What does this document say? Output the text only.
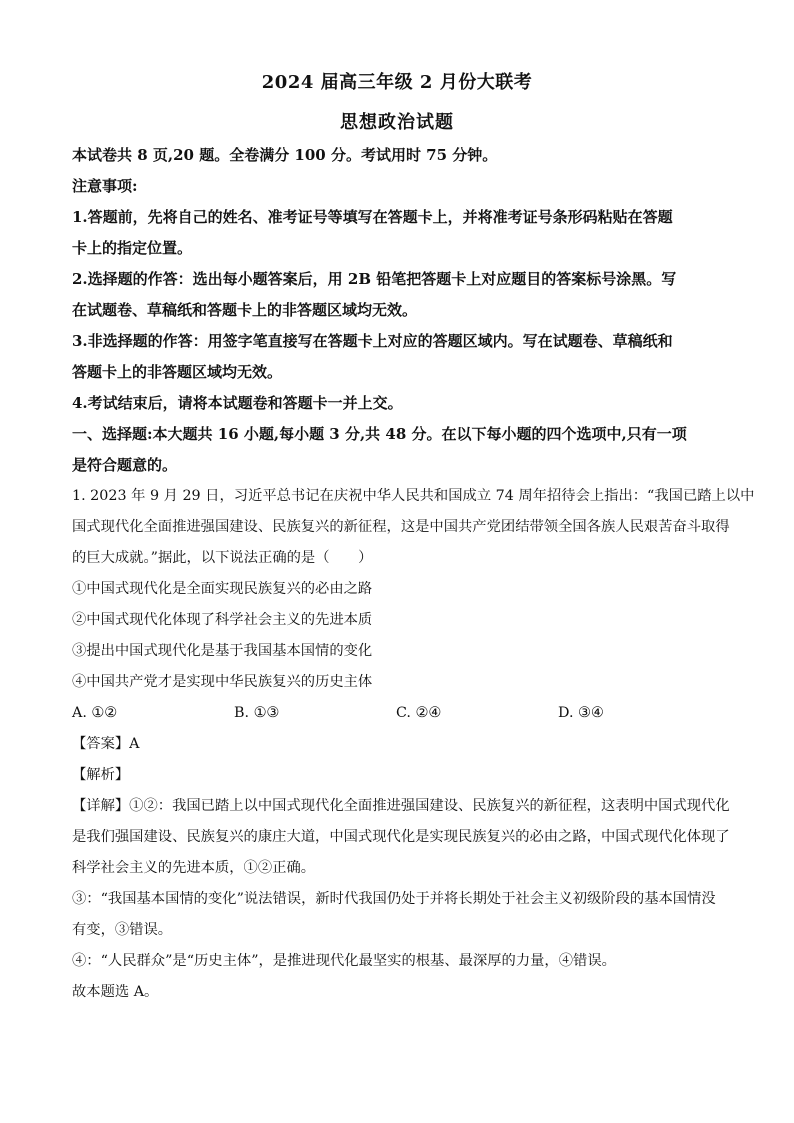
2024 届高三年级 2 月份大联考
思想政治试题
本试卷共 8 页,20 题。全卷满分 100 分。考试用时 75 分钟。
注意事项:
1.答题前，先将自己的姓名、准考证号等填写在答题卡上，并将准考证号条形码粘贴在答题
卡上的指定位置。
2.选择题的作答：选出每小题答案后，用 2B 铅笔把答题卡上对应题目的答案标号涂黑。写
在试题卷、草稿纸和答题卡上的非答题区域均无效。
3.非选择题的作答：用签字笔直接写在答题卡上对应的答题区域内。写在试题卷、草稿纸和
答题卡上的非答题区域均无效。
4.考试结束后，请将本试题卷和答题卡一并上交。
一、选择题:本大题共 16 小题,每小题 3 分,共 48 分。在以下每小题的四个选项中,只有一项
是符合题意的。
1. 2023 年 9 月 29 日，习近平总书记在庆祝中华人民共和国成立 74 周年招待会上指出：“我国已踏上以中
国式现代化全面推进强国建设、民族复兴的新征程，这是中国共产党团结带领全国各族人民艰苦奋斗取得
的巨大成就。”据此，以下说法正确的是（　　）
①中国式现代化是全面实现民族复兴的必由之路
②中国式现代化体现了科学社会主义的先进本质
③提出中国式现代化是基于我国基本国情的变化
④中国共产党才是实现中华民族复兴的历史主体
A. ①②	B. ①③	C. ②④	D. ③④
【答案】A
【解析】
【详解】①②：我国已踏上以中国式现代化全面推进强国建设、民族复兴的新征程，这表明中国式现代化
是我们强国建设、民族复兴的康庄大道，中国式现代化是实现民族复兴的必由之路，中国式现代化体现了
科学社会主义的先进本质，①②正确。
③：“我国基本国情的变化”说法错误，新时代我国仍处于并将长期处于社会主义初级阶段的基本国情没
有变，③错误。
④：“人民群众”是“历史主体”，是推进现代化最坚实的根基、最深厚的力量，④错误。
故本题选 A。
